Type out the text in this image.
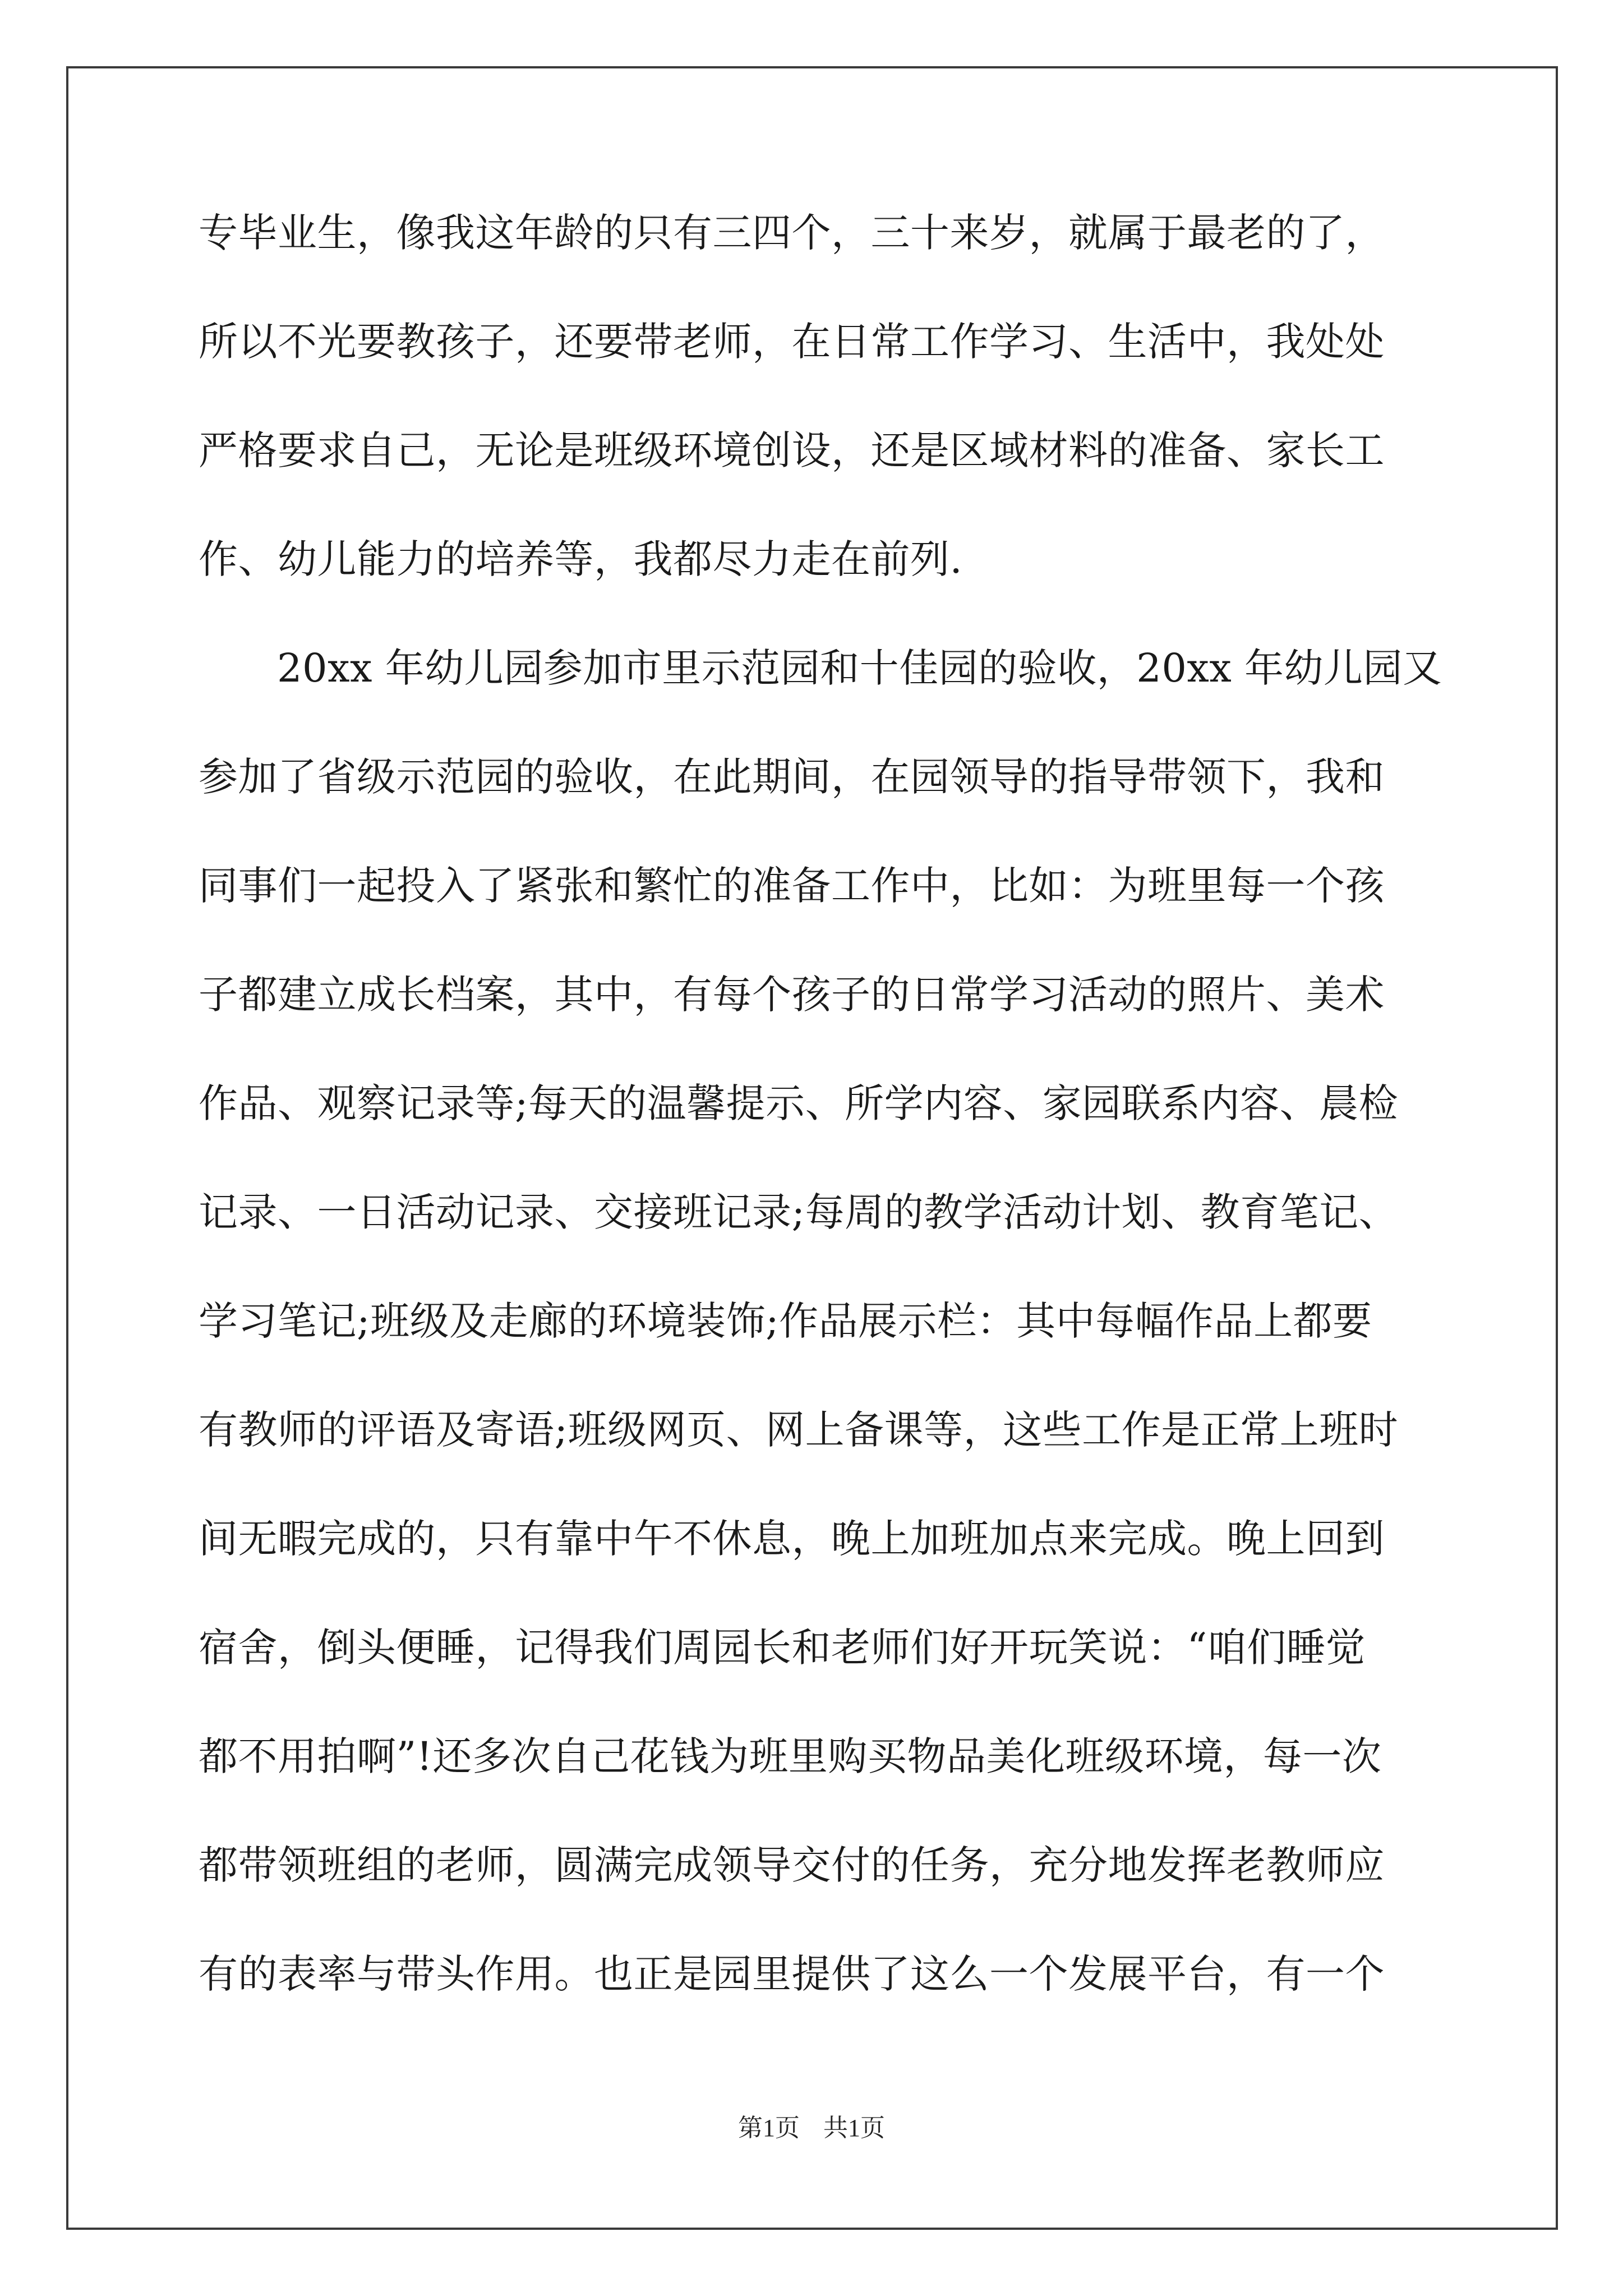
专毕业生，像我这年龄的只有三四个，三十来岁，就属于最老的了，
所以不光要教孩子，还要带老师，在日常工作学习、生活中，我处处
严格要求自己，无论是班级环境创设，还是区域材料的准备、家长工
作、幼儿能力的培养等，我都尽力走在前列.
20xx 年幼儿园参加市里示范园和十佳园的验收，20xx 年幼儿园又
参加了省级示范园的验收，在此期间，在园领导的指导带领下，我和
同事们一起投入了紧张和繁忙的准备工作中，比如：为班里每一个孩
子都建立成长档案，其中，有每个孩子的日常学习活动的照片、美术
作品、观察记录等;每天的温馨提示、所学内容、家园联系内容、晨检
记录、一日活动记录、交接班记录;每周的教学活动计划、教育笔记、
学习笔记;班级及走廊的环境装饰;作品展示栏：其中每幅作品上都要
有教师的评语及寄语;班级网页、网上备课等，这些工作是正常上班时
间无暇完成的，只有靠中午不休息，晚上加班加点来完成。晚上回到
宿舍，倒头便睡，记得我们周园长和老师们好开玩笑说：“咱们睡觉
都不用拍啊”!还多次自己花钱为班里购买物品美化班级环境，每一次
都带领班组的老师，圆满完成领导交付的任务，充分地发挥老教师应
有的表率与带头作用。也正是园里提供了这么一个发展平台，有一个
第1页 共1页
